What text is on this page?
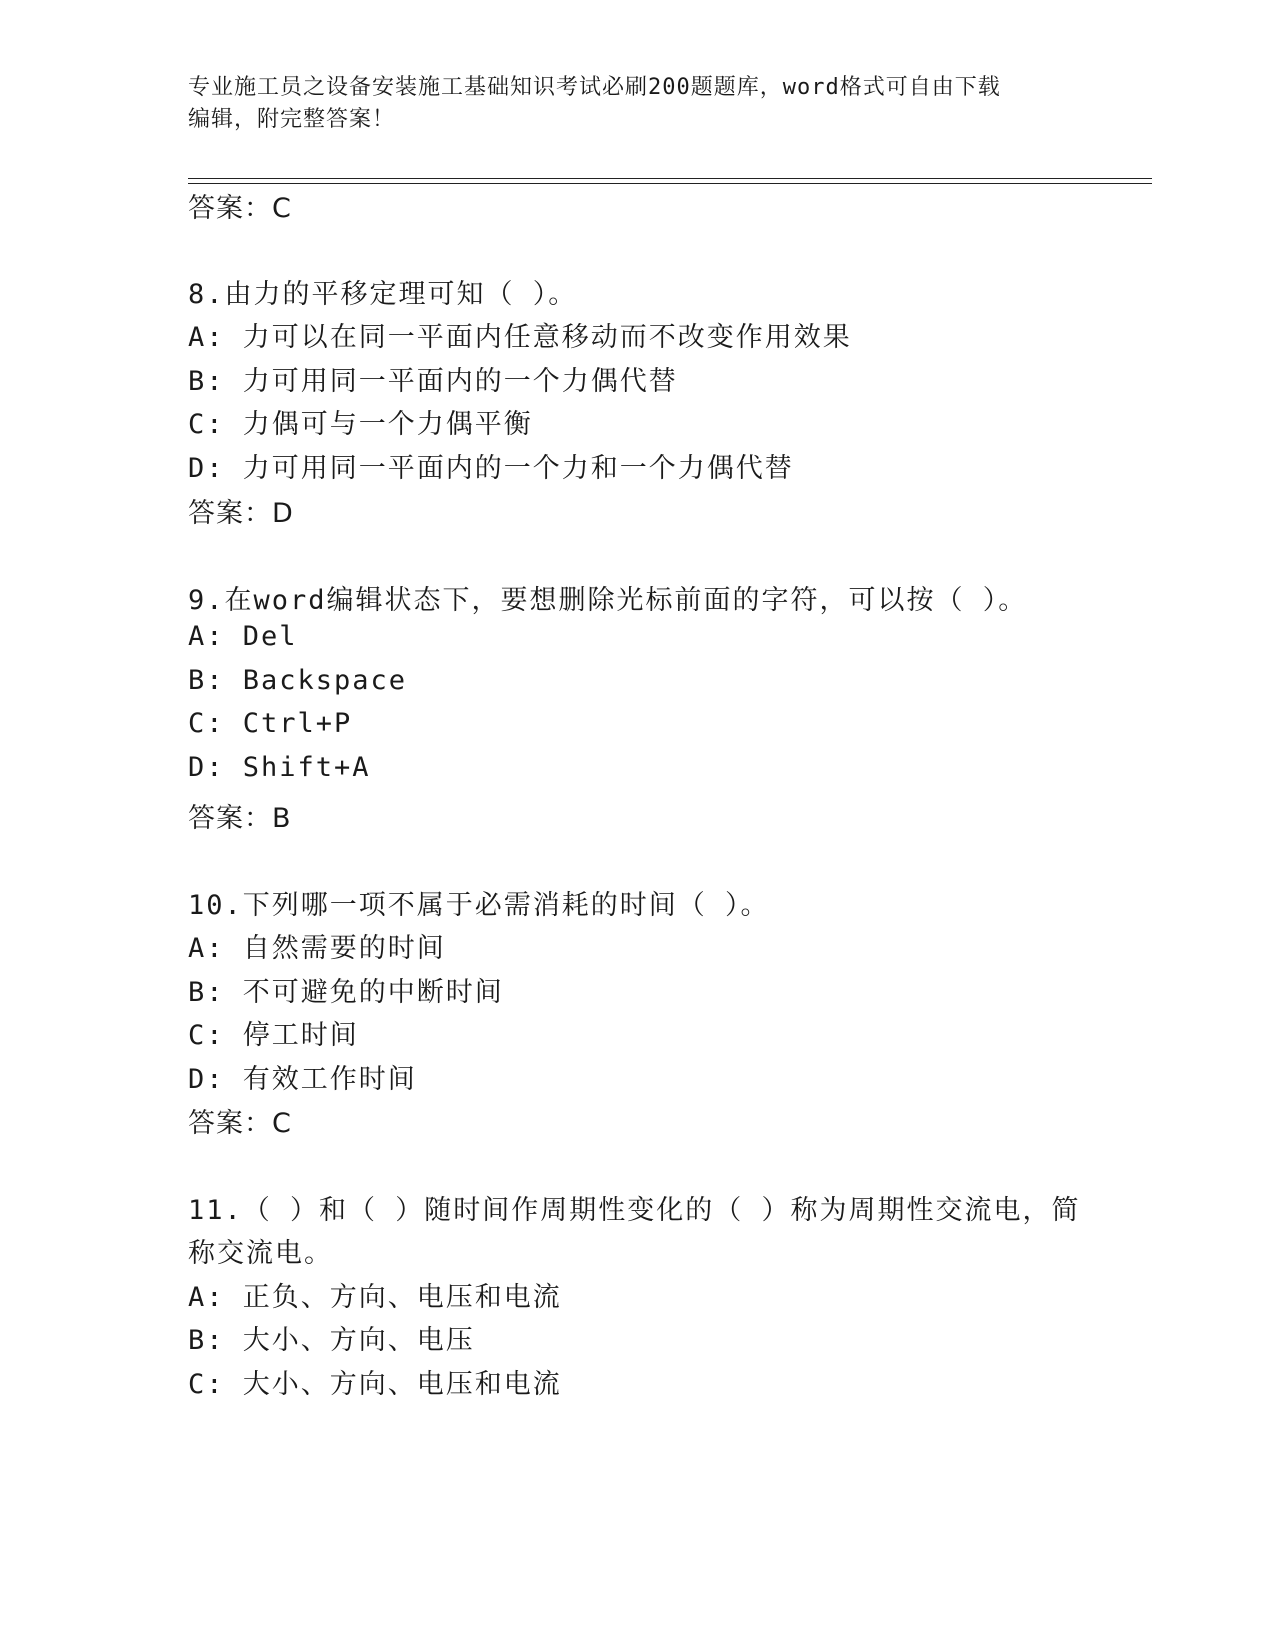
专业施工员之设备安装施工基础知识考试必刷200题题库，word格式可自由下载
编辑，附完整答案！
答案：C
8.由力的平移定理可知（ ）。
A: 力可以在同一平面内任意移动而不改变作用效果
B: 力可用同一平面内的一个力偶代替
C: 力偶可与一个力偶平衡
D: 力可用同一平面内的一个力和一个力偶代替
答案：D
9.在word编辑状态下，要想删除光标前面的字符，可以按（ ）。
A: Del
B: Backspace
C: Ctrl+P
D: Shift+A
答案：B
10.下列哪一项不属于必需消耗的时间（ ）。
A: 自然需要的时间
B: 不可避免的中断时间
C: 停工时间
D: 有效工作时间
答案：C
11.（ ）和（ ）随时间作周期性变化的（ ）称为周期性交流电，简
称交流电。
A: 正负、方向、电压和电流
B: 大小、方向、电压
C: 大小、方向、电压和电流
